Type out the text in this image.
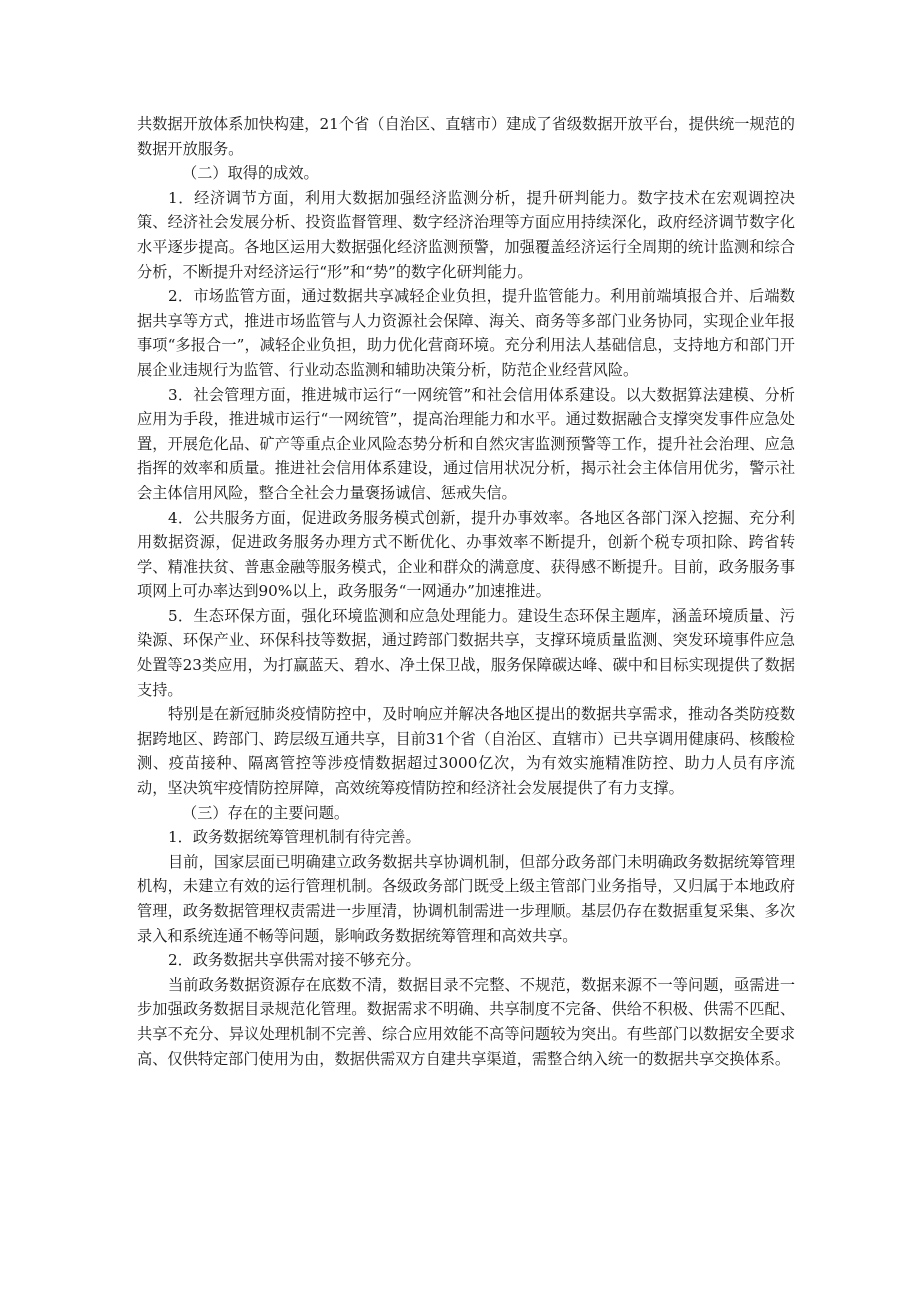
共数据开放体系加快构建，21个省（自治区、直辖市）建成了省级数据开放平台，提供统一规范的数据开放服务。

（二）取得的成效。

1．经济调节方面，利用大数据加强经济监测分析，提升研判能力。数字技术在宏观调控决策、经济社会发展分析、投资监督管理、数字经济治理等方面应用持续深化，政府经济调节数字化水平逐步提高。各地区运用大数据强化经济监测预警，加强覆盖经济运行全周期的统计监测和综合分析，不断提升对经济运行“形”和“势”的数字化研判能力。

2．市场监管方面，通过数据共享减轻企业负担，提升监管能力。利用前端填报合并、后端数据共享等方式，推进市场监管与人力资源社会保障、海关、商务等多部门业务协同，实现企业年报事项“多报合一”，减轻企业负担，助力优化营商环境。充分利用法人基础信息，支持地方和部门开展企业违规行为监管、行业动态监测和辅助决策分析，防范企业经营风险。

3．社会管理方面，推进城市运行“一网统管”和社会信用体系建设。以大数据算法建模、分析应用为手段，推进城市运行“一网统管”，提高治理能力和水平。通过数据融合支撑突发事件应急处置，开展危化品、矿产等重点企业风险态势分析和自然灾害监测预警等工作，提升社会治理、应急指挥的效率和质量。推进社会信用体系建设，通过信用状况分析，揭示社会主体信用优劣，警示社会主体信用风险，整合全社会力量褒扬诚信、惩戒失信。

4．公共服务方面，促进政务服务模式创新，提升办事效率。各地区各部门深入挖掘、充分利用数据资源，促进政务服务办理方式不断优化、办事效率不断提升，创新个税专项扣除、跨省转学、精准扶贫、普惠金融等服务模式，企业和群众的满意度、获得感不断提升。目前，政务服务事项网上可办率达到90%以上，政务服务“一网通办”加速推进。

5．生态环保方面，强化环境监测和应急处理能力。建设生态环保主题库，涵盖环境质量、污染源、环保产业、环保科技等数据，通过跨部门数据共享，支撑环境质量监测、突发环境事件应急处置等23类应用，为打赢蓝天、碧水、净土保卫战，服务保障碳达峰、碳中和目标实现提供了数据支持。

特别是在新冠肺炎疫情防控中，及时响应并解决各地区提出的数据共享需求，推动各类防疫数据跨地区、跨部门、跨层级互通共享，目前31个省（自治区、直辖市）已共享调用健康码、核酸检测、疫苗接种、隔离管控等涉疫情数据超过3000亿次，为有效实施精准防控、助力人员有序流动，坚决筑牢疫情防控屏障，高效统筹疫情防控和经济社会发展提供了有力支撑。

（三）存在的主要问题。

1．政务数据统筹管理机制有待完善。

目前，国家层面已明确建立政务数据共享协调机制，但部分政务部门未明确政务数据统筹管理机构，未建立有效的运行管理机制。各级政务部门既受上级主管部门业务指导，又归属于本地政府管理，政务数据管理权责需进一步厘清，协调机制需进一步理顺。基层仍存在数据重复采集、多次录入和系统连通不畅等问题，影响政务数据统筹管理和高效共享。

2．政务数据共享供需对接不够充分。

当前政务数据资源存在底数不清，数据目录不完整、不规范，数据来源不一等问题，亟需进一步加强政务数据目录规范化管理。数据需求不明确、共享制度不完备、供给不积极、供需不匹配、共享不充分、异议处理机制不完善、综合应用效能不高等问题较为突出。有些部门以数据安全要求高、仅供特定部门使用为由，数据供需双方自建共享渠道，需整合纳入统一的数据共享交换体系。
